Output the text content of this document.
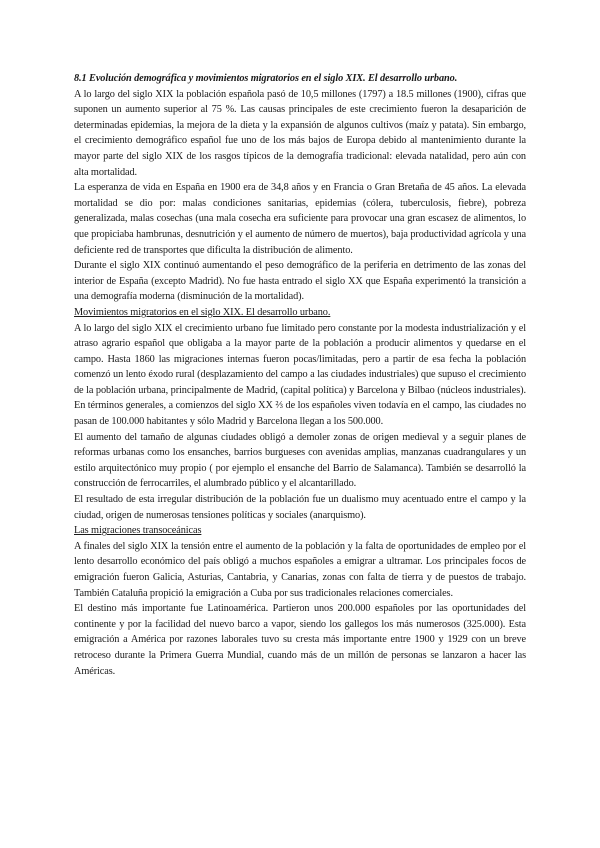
8.1 Evolución demográfica y movimientos migratorios en el siglo XIX. El desarrollo urbano.

A lo largo del siglo XIX la población española pasó de 10,5 millones (1797) a 18.5 millones (1900), cifras que suponen un aumento superior al 75 %. Las causas principales de este crecimiento fueron la desaparición de determinadas epidemias, la mejora de la dieta y la expansión de algunos cultivos (maíz y patata). Sin embargo, el crecimiento demográfico español fue uno de los más bajos de Europa debido al mantenimiento durante la mayor parte del siglo XIX de los rasgos típicos de la demografía tradicional: elevada natalidad, pero aún con alta mortalidad.

La esperanza de vida en España en 1900 era de 34,8 años y en Francia o Gran Bretaña de 45 años. La elevada mortalidad se dio por: malas condiciones sanitarias, epidemias (cólera, tuberculosis, fiebre), pobreza generalizada, malas cosechas (una mala cosecha era suficiente para provocar una gran escasez de alimentos, lo que propiciaba hambrunas, desnutrición y el aumento de número de muertos), baja productividad agrícola y una deficiente red de transportes que dificulta la distribución de alimento.

Durante el siglo XIX continuó aumentando el peso demográfico de la periferia en detrimento de las zonas del interior de España (excepto Madrid). No fue hasta entrado el siglo XX que España experimentó la transición a una demografía moderna (disminución de la mortalidad).

Movimientos migratorios en el siglo XIX. El desarrollo urbano.

A lo largo del siglo XIX el crecimiento urbano fue limitado pero constante por la modesta industrialización y el atraso agrario español que obligaba a la mayor parte de la población a producir alimentos y quedarse en el campo. Hasta 1860 las migraciones internas fueron pocas/limitadas, pero a partir de esa fecha la población comenzó un lento éxodo rural (desplazamiento del campo a las ciudades industriales) que supuso el crecimiento de la población urbana, principalmente de Madrid, (capital política) y Barcelona y Bilbao (núcleos industriales). En términos generales, a comienzos del siglo XX ⅔ de los españoles viven todavía en el campo, las ciudades no pasan de 100.000 habitantes y sólo Madrid y Barcelona llegan a los 500.000.

El aumento del tamaño de algunas ciudades obligó a demoler zonas de origen medieval y a seguir planes de reformas urbanas como los ensanches, barrios burgueses con avenidas amplias, manzanas cuadrangulares y un estilo arquitectónico muy propio ( por ejemplo el ensanche del Barrio de Salamanca). También se desarrolló la construcción de ferrocarriles, el alumbrado público y el alcantarillado.

El resultado de esta irregular distribución de la población fue un dualismo muy acentuado entre el campo y la ciudad, origen de numerosas tensiones políticas y sociales (anarquismo).

Las migraciones transoceánicas

A finales del siglo XIX la tensión entre el aumento de la población y la falta de oportunidades de empleo por el lento desarrollo económico del país obligó a muchos españoles a emigrar a ultramar. Los principales focos de emigración fueron Galicia, Asturias, Cantabria, y Canarias, zonas con falta de tierra y de puestos de trabajo. También Cataluña propició la emigración a Cuba por sus tradicionales relaciones comerciales.

El destino más importante fue Latinoamérica. Partieron unos 200.000 españoles por las oportunidades del continente y por la facilidad del nuevo barco a vapor, siendo los gallegos los más numerosos (325.000). Esta emigración a América por razones laborales tuvo su cresta más importante entre 1900 y 1929 con un breve retroceso durante la Primera Guerra Mundial, cuando más de un millón de personas se lanzaron a hacer las Américas.
